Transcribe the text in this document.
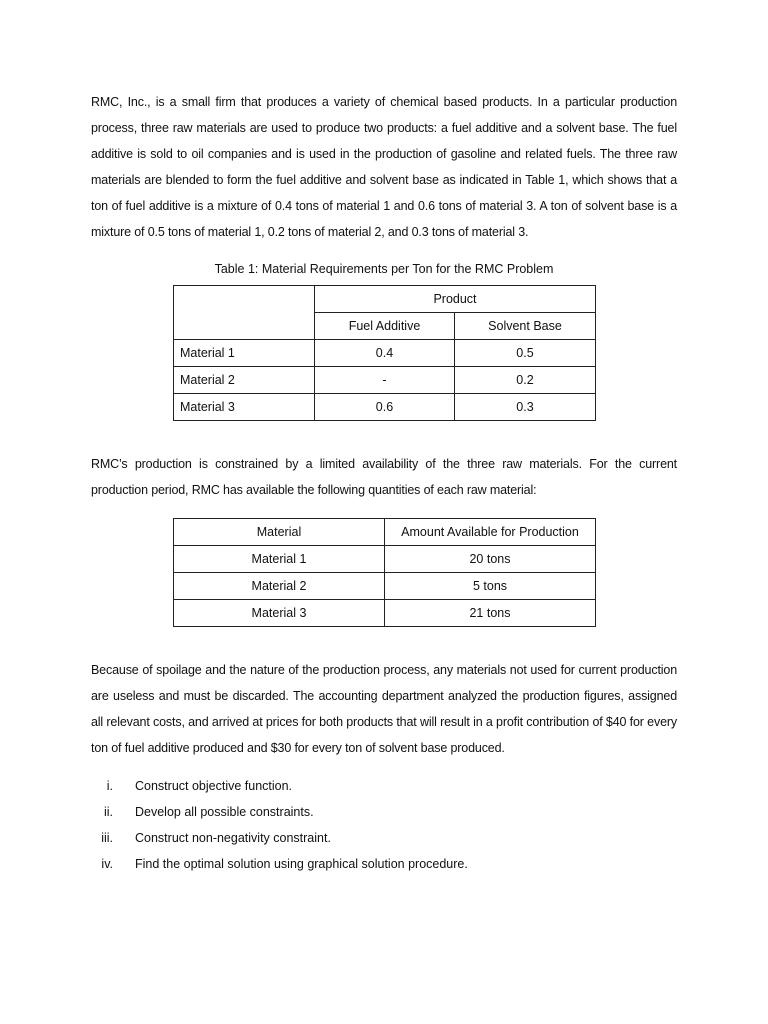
RMC, Inc., is a small firm that produces a variety of chemical based products. In a particular production process, three raw materials are used to produce two products: a fuel additive and a solvent base. The fuel additive is sold to oil companies and is used in the production of gasoline and related fuels. The three raw materials are blended to form the fuel additive and solvent base as indicated in Table 1, which shows that a ton of fuel additive is a mixture of 0.4 tons of material 1 and 0.6 tons of material 3. A ton of solvent base is a mixture of 0.5 tons of material 1, 0.2 tons of material 2, and 0.3 tons of material 3.

Table 1: Material Requirements per Ton for the RMC Problem
	Product	
	Fuel Additive	Solvent Base
Material 1	0.4	0.5
Material 2	-	0.2
Material 3	0.6	0.3

RMC’s production is constrained by a limited availability of the three raw materials. For the current production period, RMC has available the following quantities of each raw material:

Material	Amount Available for Production
Material 1	20 tons
Material 2	5 tons
Material 3	21 tons

Because of spoilage and the nature of the production process, any materials not used for current production are useless and must be discarded. The accounting department analyzed the production figures, assigned all relevant costs, and arrived at prices for both products that will result in a profit contribution of $40 for every ton of fuel additive produced and $30 for every ton of solvent base produced.

i. Construct objective function.
ii. Develop all possible constraints.
iii. Construct non-negativity constraint.
iv. Find the optimal solution using graphical solution procedure.
